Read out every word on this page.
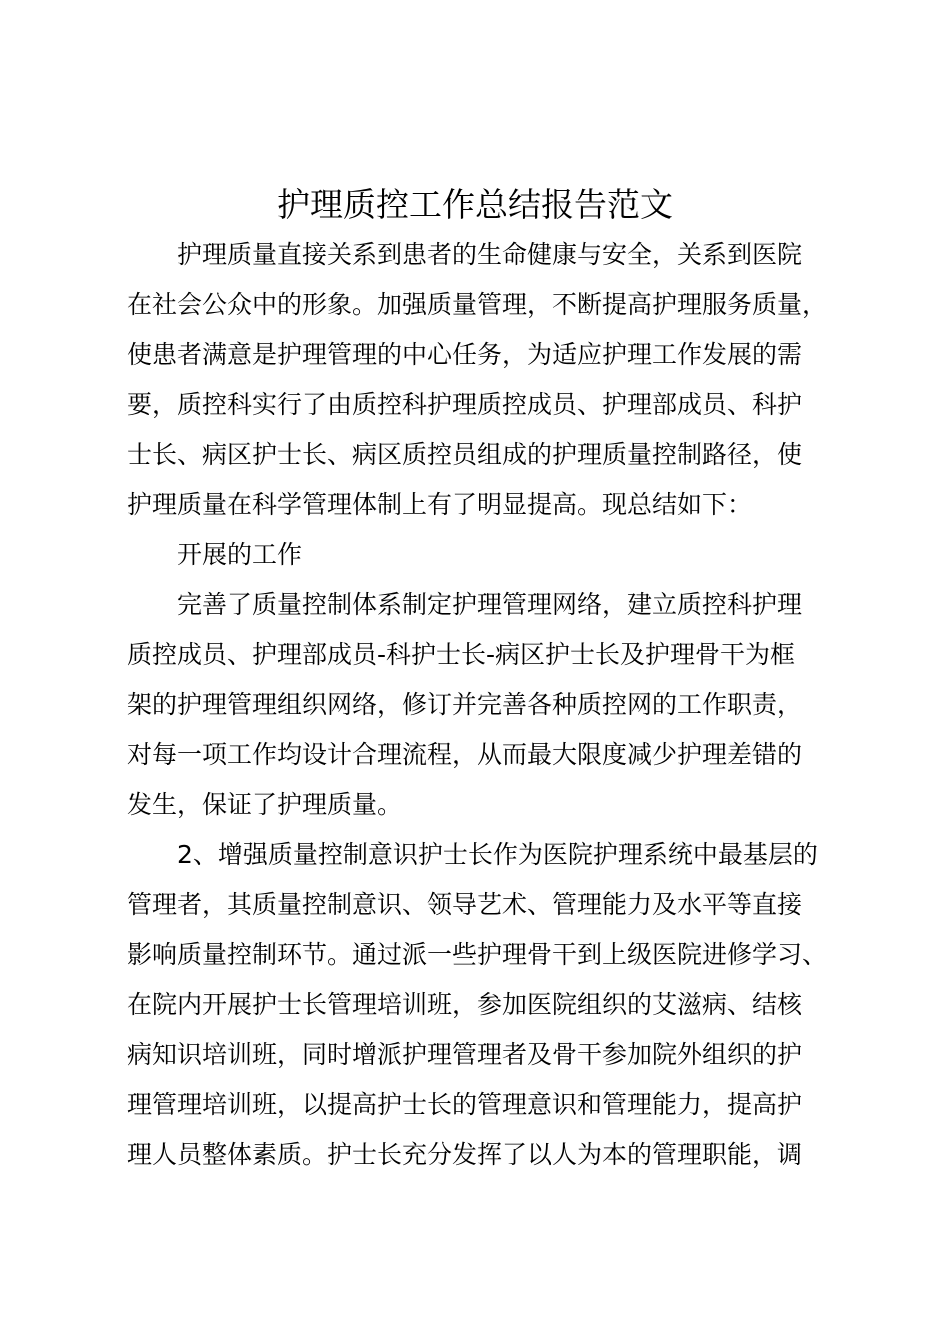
护理质控工作总结报告范文

护理质量直接关系到患者的生命健康与安全，关系到医院

在社会公众中的形象。加强质量管理，不断提高护理服务质量，

使患者满意是护理管理的中心任务，为适应护理工作发展的需

要，质控科实行了由质控科护理质控成员、护理部成员、科护

士长、病区护士长、病区质控员组成的护理质量控制路径，使

护理质量在科学管理体制上有了明显提高。现总结如下：

开展的工作

完善了质量控制体系制定护理管理网络，建立质控科护理

质控成员、护理部成员-科护士长-病区护士长及护理骨干为框

架的护理管理组织网络，修订并完善各种质控网的工作职责，

对每一项工作均设计合理流程，从而最大限度减少护理差错的

发生，保证了护理质量。

2、增强质量控制意识护士长作为医院护理系统中最基层的

管理者，其质量控制意识、领导艺术、管理能力及水平等直接

影响质量控制环节。通过派一些护理骨干到上级医院进修学习、

在院内开展护士长管理培训班，参加医院组织的艾滋病、结核

病知识培训班，同时增派护理管理者及骨干参加院外组织的护

理管理培训班，以提高护士长的管理意识和管理能力，提高护

理人员整体素质。护士长充分发挥了以人为本的管理职能，调
